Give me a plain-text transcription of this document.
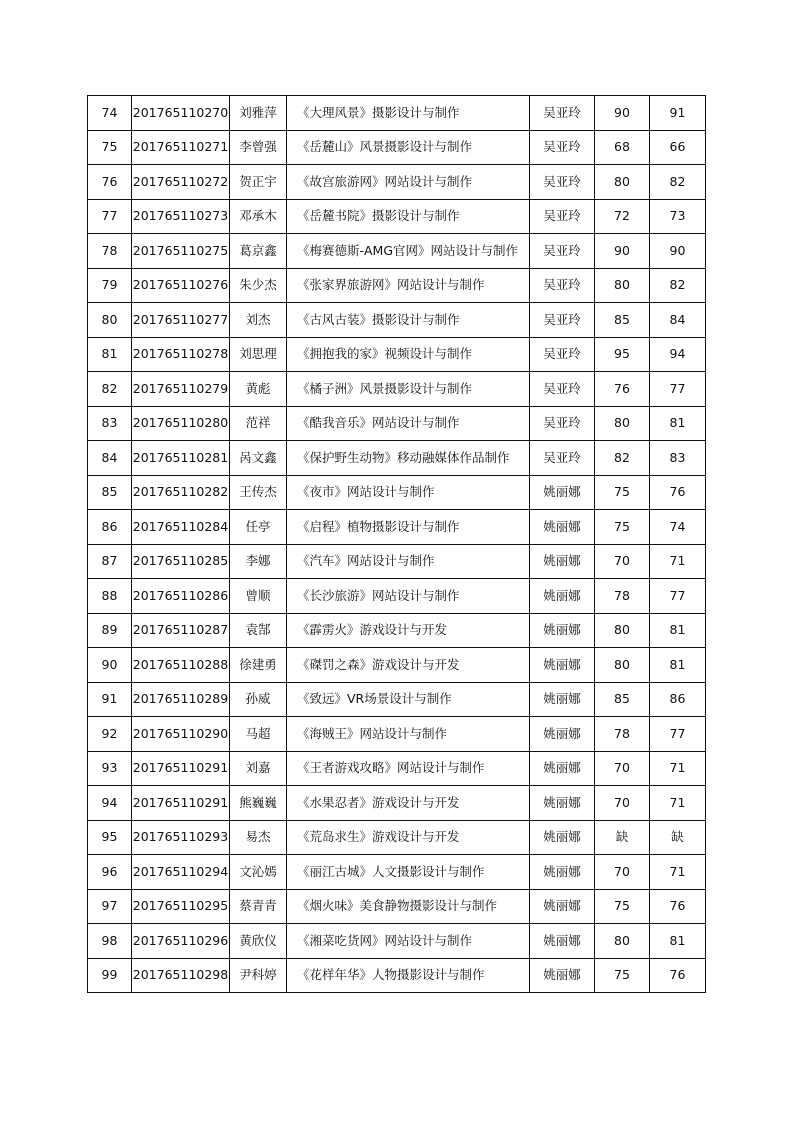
74	201765110270	刘雅萍	《大理风景》摄影设计与制作	吴亚玲	90	91
75	201765110271	李曾强	《岳麓山》风景摄影设计与制作	吴亚玲	68	66
76	201765110272	贺正宇	《故宫旅游网》网站设计与制作	吴亚玲	80	82
77	201765110273	邓承木	《岳麓书院》摄影设计与制作	吴亚玲	72	73
78	201765110275	葛京鑫	《梅赛德斯-AMG官网》网站设计与制作	吴亚玲	90	90
79	201765110276	朱少杰	《张家界旅游网》网站设计与制作	吴亚玲	80	82
80	201765110277	刘杰	《古风古装》摄影设计与制作	吴亚玲	85	84
81	201765110278	刘思理	《拥抱我的家》视频设计与制作	吴亚玲	95	94
82	201765110279	黄彪	《橘子洲》风景摄影设计与制作	吴亚玲	76	77
83	201765110280	范祥	《酷我音乐》网站设计与制作	吴亚玲	80	81
84	201765110281	呙文鑫	《保护野生动物》移动融媒体作品制作	吴亚玲	82	83
85	201765110282	王传杰	《夜市》网站设计与制作	姚丽娜	75	76
86	201765110284	任亭	《启程》植物摄影设计与制作	姚丽娜	75	74
87	201765110285	李娜	《汽车》网站设计与制作	姚丽娜	70	71
88	201765110286	曾顺	《长沙旅游》网站设计与制作	姚丽娜	78	77
89	201765110287	袁郜	《霹雳火》游戏设计与开发	姚丽娜	80	81
90	201765110288	徐建勇	《磔罚之森》游戏设计与开发	姚丽娜	80	81
91	201765110289	孙威	《致远》VR场景设计与制作	姚丽娜	85	86
92	201765110290	马超	《海贼王》网站设计与制作	姚丽娜	78	77
93	201765110291	刘嘉	《王者游戏攻略》网站设计与制作	姚丽娜	70	71
94	201765110291	熊巍巍	《水果忍者》游戏设计与开发	姚丽娜	70	71
95	201765110293	易杰	《荒岛求生》游戏设计与开发	姚丽娜	缺	缺
96	201765110294	文沁嫣	《丽江古城》人文摄影设计与制作	姚丽娜	70	71
97	201765110295	蔡青青	《烟火味》美食静物摄影设计与制作	姚丽娜	75	76
98	201765110296	黄欣仪	《湘菜吃货网》网站设计与制作	姚丽娜	80	81
99	201765110298	尹科婷	《花样年华》人物摄影设计与制作	姚丽娜	75	76
